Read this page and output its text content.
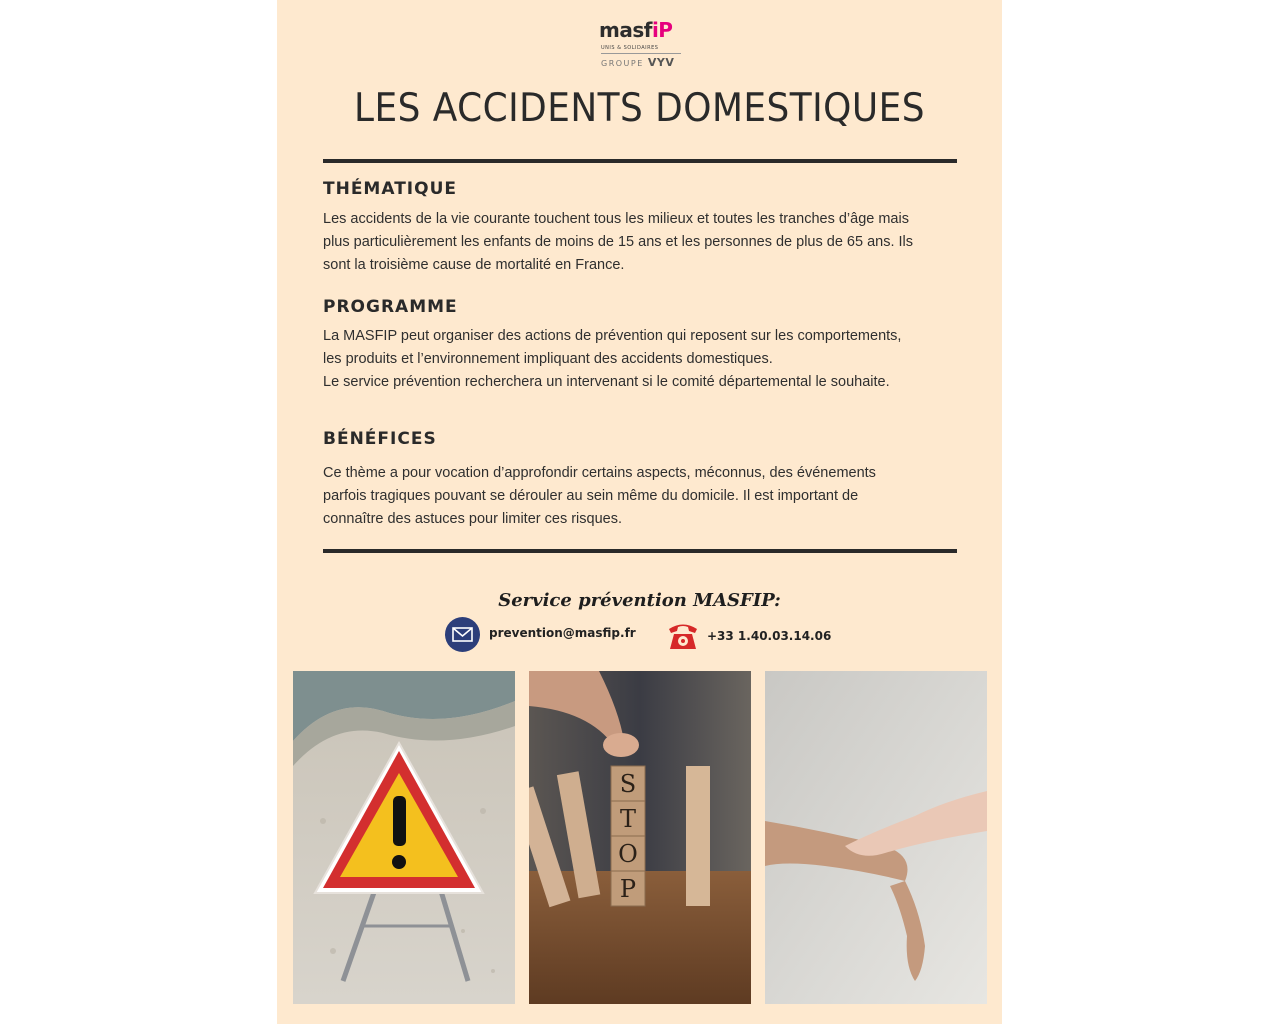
masfiP
UNIS & SOLIDAIRES
GROUPE VYV
LES ACCIDENTS DOMESTIQUES
THÉMATIQUE
Les accidents de la vie courante touchent tous les milieux et toutes les tranches d’âge mais
plus particulièrement les enfants de moins de 15 ans et les personnes de plus de 65 ans. Ils
sont la troisième cause de mortalité en France.
PROGRAMME
La MASFIP peut organiser des actions de prévention qui reposent sur les comportements,
les produits et l’environnement impliquant des accidents domestiques.
Le service prévention recherchera un intervenant si le comité départemental le souhaite.
BÉNÉFICES
Ce thème a pour vocation d’approfondir certains aspects, méconnus, des événements
parfois tragiques pouvant se dérouler au sein même du domicile. Il est important de
connaître des astuces pour limiter ces risques.
Service prévention MASFIP:
prevention@masfip.fr	+33 1.40.03.14.06
S
T
O
P
